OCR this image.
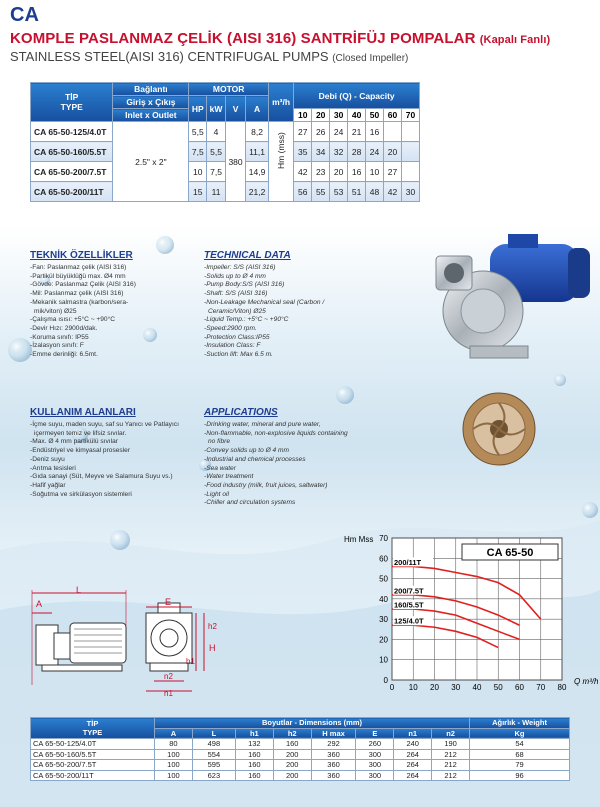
CA
KOMPLE PASLANMAZ ÇELİK (AISI 316) SANTRİFÜJ POMPALAR (Kapalı Fanlı)
STAINLESS STEEL(AISI 316) CENTRIFUGAL PUMPS (Closed Impeller)
TİP
TYPE	Bağlantı	MOTOR				m³/h	Debi (Q) - Capacity						
	Giriş x Çıkış	HP	kW	V	A								
	Inlet x Outlet						10	20	30	40	50	60	70
CA 65-50-125/4.0T	2.5" x 2"	5,5	4	380	8,2	Hm (mss)	27	26	24	21	16		
CA 65-50-160/5.5T		7,5	5,5		11,1		35	34	32	28	24	20	
CA 65-50-200/7.5T		10	7,5		14,9		42	23	20	16	10	27	
CA 65-50-200/11T		15	11		21,2		56	55	53	51	48	42	30
TEKNİK ÖZELLİKLER
-Fan: Paslanmaz çelik (AISI 316)
-Partikül büyüklüğü max. Ø4 mm
-Gövde: Paslanmaz Çelik (AISI 316)
-Mil: Paslanmaz çelik (AISI 316)
-Mekanik salmastra (karbon/sera-
mik/viton) Ø25
-Çalışma ısısı: +5°C ~ +90°C
-Devir Hızı: 2900d/dak.
-Koruma sınıfı: IP55
-İzalasyon sınıfı: F
-Emme derinliği: 6.5mt.
TECHNICAL DATA
-Impeller: S/S (AISI 316)
-Solids up to Ø 4 mm
-Pump Body:S/S (AISI 316)
-Shaft: S/S (AISI 316)
-Non-Leakage Mechanical seal (Carbon /
Ceramic/Viton) Ø25
-Liquid Temp.: +5°C ~ +90°C
-Speed:2900 rpm.
-Protection Class:IP55
-Insulation Class: F
-Suction lift: Max 6.5 m.
KULLANIM ALANLARI
-İçme suyu, maden suyu, saf su Yanıcı ve Patlayıcı
içermeyen temiz ve lifsiz sıvılar.
-Max. Ø 4 mm partikülü sıvılar
-Endüstriyel ve kimyasal prosesler
-Deniz suyu
-Arıtma tesisleri
-Gıda sanayi (Süt, Meyve ve Salamura Suyu vs.)
-Hafif yağlar
-Soğutma ve sirkülasyon sistemleri
APPLICATIONS
-Drinking water, mineral and pure water,
-Non-flammable, non-explosive liquids containing
no fibre
-Convey solids up to Ø 4 mm
-Industrial and chemical processes
-Sea water
-Water treatment
-Food industry (milk, fruit juices, saltwater)
-Light oil
-Chiller and circulation systems
A
L
E
h2
h1
H
n2
n1
0 10 20 30 40 50 60 70 80
0
10
20
30
40
50
60
70
CA 65-50
Hm Mss
Q m³/h
200/11T
200/7.5T
160/5.5T
125/4.0T
TİP
TYPE	Boyutlar - Dimensions (mm)								Ağırlık - Weight
	A	L	h1	h2	H max	E	n1	n2	Kg
CA 65-50-125/4.0T	80	498	132	160	292	260	240	190	54
CA 65-50-160/5.5T	100	554	160	200	360	300	264	212	68
CA 65-50-200/7.5T	100	595	160	200	360	300	264	212	79
CA 65-50-200/11T	100	623	160	200	360	300	264	212	96
